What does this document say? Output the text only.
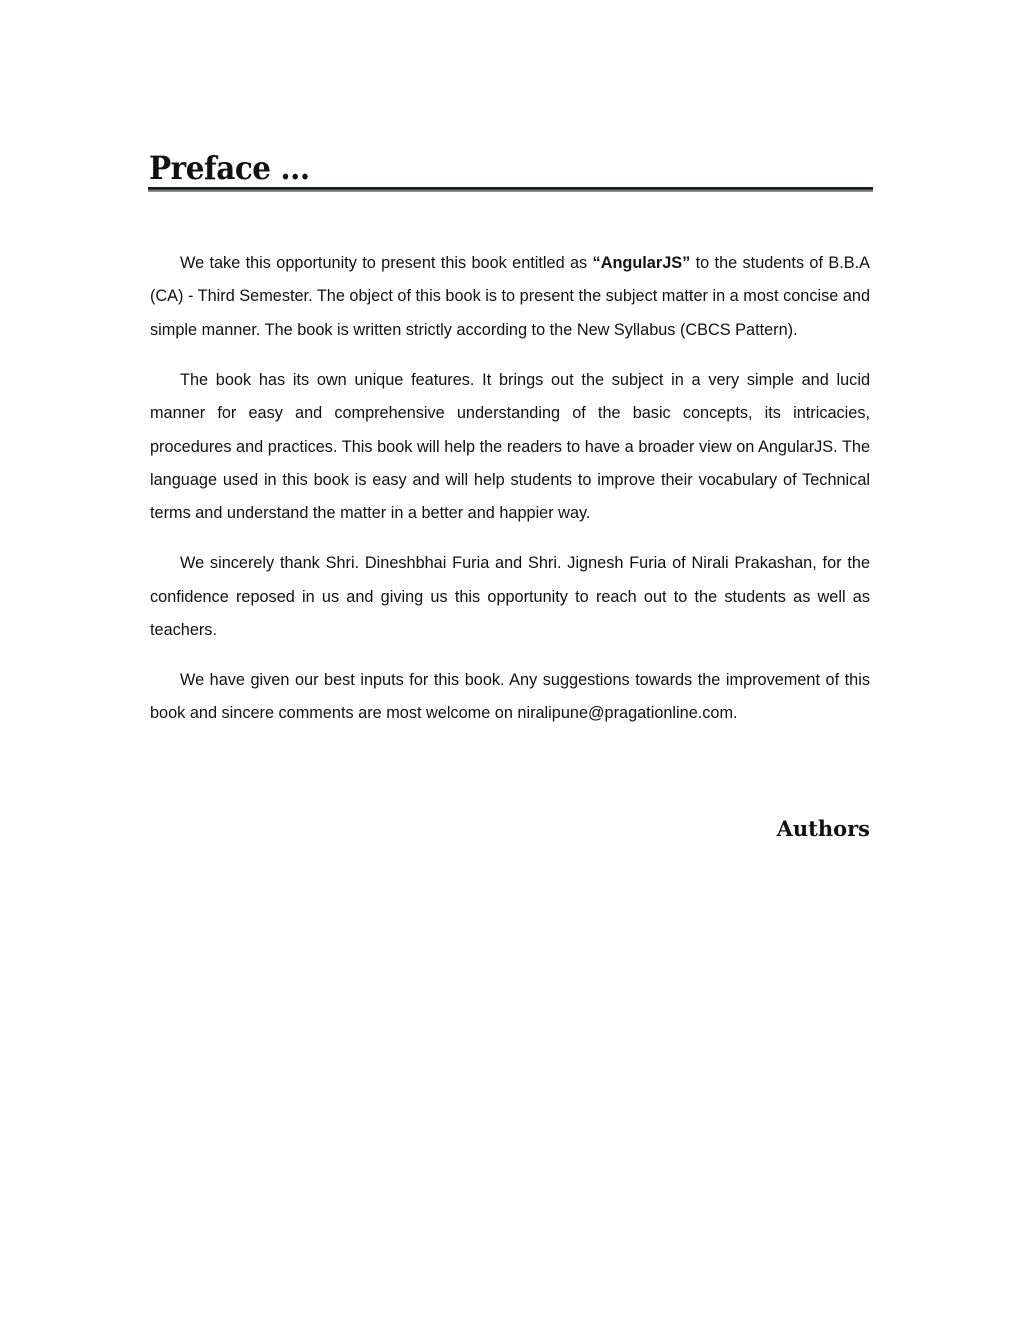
Preface ...

We take this opportunity to present this book entitled as “AngularJS” to the students of B.B.A (CA) - Third Semester. The object of this book is to present the subject matter in a most concise and simple manner. The book is written strictly according to the New Syllabus (CBCS Pattern).

The book has its own unique features. It brings out the subject in a very simple and lucid manner for easy and comprehensive understanding of the basic concepts, its intricacies, procedures and practices. This book will help the readers to have a broader view on AngularJS. The language used in this book is easy and will help students to improve their vocabulary of Technical terms and understand the matter in a better and happier way.

We sincerely thank Shri. Dineshbhai Furia and Shri. Jignesh Furia of Nirali Prakashan, for the confidence reposed in us and giving us this opportunity to reach out to the students as well as teachers.

We have given our best inputs for this book. Any suggestions towards the improvement of this book and sincere comments are most welcome on niralipune@pragationline.com.

Authors
